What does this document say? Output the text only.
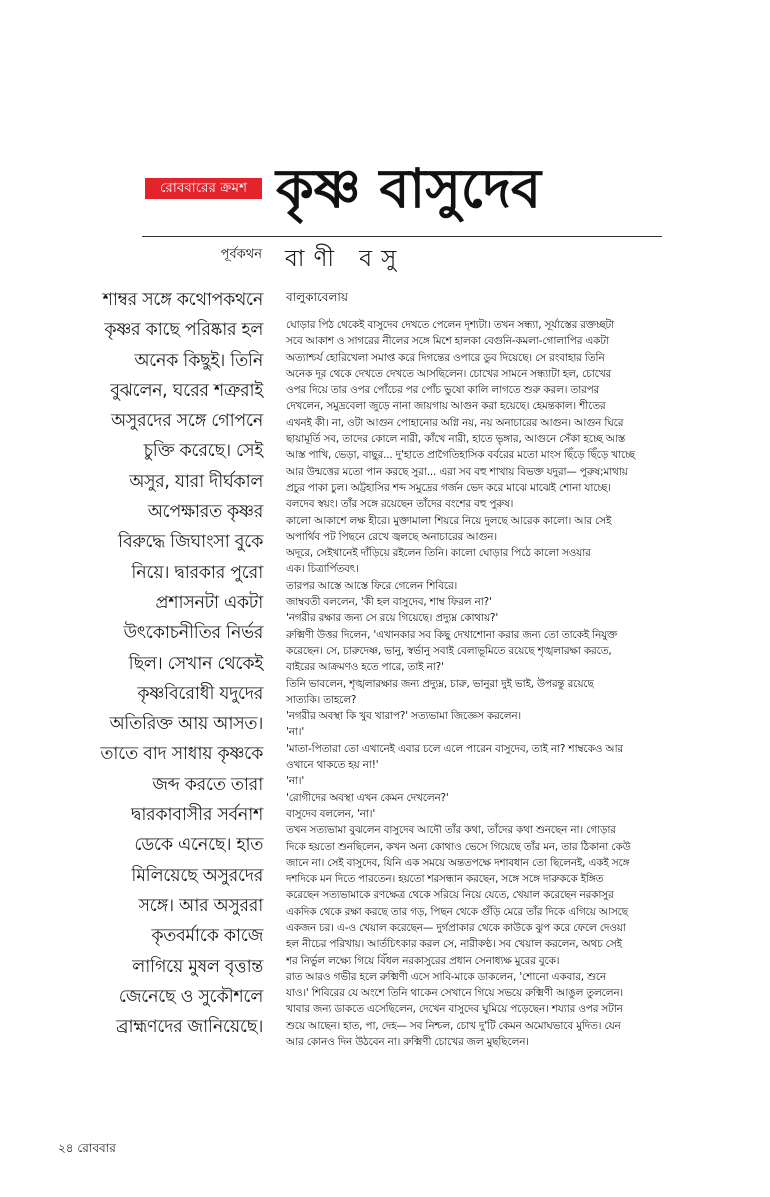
রোববারের ক্রমশ কৃষ্ণ বাসুদেব
পূর্বকথন বাণী বসু
শাম্বর সঙ্গে কথোপকথনে
কৃষ্ণর কাছে পরিষ্কার হল
অনেক কিছুই। তিনি
বুঝলেন, ঘরের শত্রুরাই
অসুরদের সঙ্গে গোপনে
চুক্তি করেছে। সেই
অসুর, যারা দীর্ঘকাল
অপেক্ষারত কৃষ্ণর
বিরুদ্ধে জিঘাংসা বুকে
নিয়ে। দ্বারকার পুরো
প্রশাসনটা একটা
উৎকোচনীতির নির্ভর
ছিল। সেখান থেকেই
কৃষ্ণবিরোধী যদুদের
অতিরিক্ত আয় আসত।
তাতে বাদ সাধায় কৃষ্ণকে
জব্দ করতে তারা
দ্বারকাবাসীর সর্বনাশ
ডেকে এনেছে। হাত
মিলিয়েছে অসুরদের
সঙ্গে। আর অসুররা
কৃতবর্মাকে কাজে
লাগিয়ে মুষল বৃত্তান্ত
জেনেছে ও সুকৌশলে
ব্রাহ্মণদের জানিয়েছে।
বালুকাবেলায়
ঘোড়ার পিঠ থেকেই বাসুদেব দেখতে পেলেন দৃশ্যটা। তখন সন্ধ্যা, সূর্যাস্তের রক্তচ্ছটা
সবে আকাশ ও সাগরের নীলের সঙ্গে মিশে হালকা বেগুনি-কমলা-গোলাপির একটা
অত্যাশ্চর্য হোরিখেলা সমাপ্ত করে দিগন্তের ওপারে ডুব দিয়েছে। সে রংবাহার তিনি
অনেক দূর থেকে দেখতে দেখতে আসছিলেন। চোখের সামনে সন্ধ্যাটা হল, চোখের
ওপর দিয়ে তার ওপর পোঁচের পর পোঁচ ভুষো কালি লাগতে শুরু করল। তারপর
দেখলেন, সমুদ্রবেলা জুড়ে নানা জায়গায় আগুন করা হয়েছে। হেমন্তকাল। শীতের
এখনই কী। না, ওটা আগুন পোহানোর অগ্নি নয়, নয় অনাচারের আগুন। আগুন ঘিরে
ছায়ামূর্তি সব, তাদের কোলে নারী, কাঁখে নারী, হাতে ভৃঙ্গার, আগুনে সেঁকা হচ্ছে আস্ত
আস্ত পাখি, ভেড়া, বাছুর... দু'হাতে প্রাগৈতিহাসিক বর্বরের মতো মাংস ছিঁড়ে ছিঁড়ে খাচ্ছে
আর উন্মত্তের মতো পান করছে সুরা... এরা সব বহু শাখায় বিভক্ত যদুরা— পুরুষ;মাথায়
প্রচুর পাকা চুল। অট্টহাসির শব্দ সমুদ্রের গর্জন ভেদ করে মাঝে মাঝেই শোনা যাচ্ছে।
বলদেব স্বয়ং। তাঁর সঙ্গে রয়েছেন তাঁদের বংশের বহু পুরুষ।
কালো আকাশে লক্ষ হীরে। মুক্তামালা শিয়রে নিয়ে দুলছে আরেক কালো। আর সেই
অপার্থিব পট পিছনে রেখে জ্বলছে অনাচারের আগুন।
অদূরে, সেইখানেই দাঁড়িয়ে রইলেন তিনি। কালো ঘোড়ার পিঠে কালো সওয়ার
এক। চিত্রার্পিতবৎ।
তারপর আস্তে আস্তে ফিরে গেলেন শিবিরে।
জাম্ববতী বললেন, 'কী হল বাসুদেব, শাম্ব ফিরল না?'
'নগরীর রক্ষার জন্য সে রয়ে গিয়েছে। প্রদ্যুম্ন কোথায়?'
রুক্মিণী উত্তর দিলেন, 'এখানকার সব কিছু দেখাশোনা করার জন্য তো তাকেই নিযুক্ত
করেছেন। সে, চারুদেষ্ণ, ভানু, স্বর্ভানু সবাই বেলাভূমিতে রয়েছে শৃঙ্খলারক্ষা করতে,
বাইরের আক্রমণও হতে পারে, তাই না?'
তিনি ভাবলেন, শৃঙ্খলারক্ষার জন্য প্রদ্যুম্ন, চারু, ভানুরা দুই ভাই, উপরন্তু রয়েছে
সাত্যকি। তাহলে?
'নগরীর অবস্থা কি খুব খারাপ?' সত্যভামা জিজ্ঞেস করলেন।
'না।'
'মাতা-পিতারা তো এখানেই এবার চলে এলে পারেন বাসুদেব, তাই না? শাম্বকেও আর
ওখানে থাকতে হয় না!'
'না।'
'রোগীদের অবস্থা এখন কেমন দেখলেন?'
বাসুদেব বললেন, 'না।'
তখন সত্যভামা বুঝলেন বাসুদেব আদৌ তাঁর কথা, তাঁদের কথা শুনছেন না। গোড়ার
দিকে হয়তো শুনছিলেন, কখন অন্য কোথাও ভেসে গিয়েছে তাঁর মন, তার ঠিকানা কেউ
জানে না। সেই বাসুদেব, যিনি এক সময়ে অন্ততপক্ষে দশাবধান তো ছিলেনই, একই সঙ্গে
দশদিকে মন দিতে পারতেন। হয়তো শরসন্ধান করছেন, সঙ্গে সঙ্গে দারুককে ইঙ্গিত
করেছেন সত্যভামাকে রণক্ষেত্র থেকে সরিয়ে নিয়ে যেতে, খেয়াল করেছেন নরকাসুর
একদিক থেকে রক্ষা করছে তার গড়, পিছন থেকে গুঁড়ি মেরে তাঁর দিকে এগিয়ে আসছে
একজন চর। এ-ও খেয়াল করেছেন— দুর্গপ্রাকার থেকে কাউকে ঝুপ করে ফেলে দেওয়া
হল নীচের পরিখায়। আর্তচিৎকার করল সে, নারীকণ্ঠ। সব খেয়াল করলেন, অথচ সেই
শর নির্ভুল লক্ষ্যে গিয়ে বিঁধল নরকাসুরের প্রধান সেনাধ্যক্ষ মুরের বুকে।
রাত আরও গভীর হলে রুক্মিণী এসে সাবি-মাকে ডাকলেন, 'শোনো একবার, শুনে
যাও।' শিবিরের যে অংশে তিনি থাকেন সেখানে গিয়ে সভয়ে রুক্মিণী আঙুল তুললেন।
খাবার জন্য ডাকতে এসেছিলেন, দেখেন বাসুদেব ঘুমিয়ে পড়েছেন। শয্যার ওপর সটান
শুয়ে আছেন। হাত, পা, দেহ— সব নিশ্চল, চোখ দু'টি কেমন অমোঘভাবে মুদিত। যেন
আর কোনও দিন উঠবেন না। রুক্মিণী চোখের জল মুছছিলেন।
২৪ রোববার
